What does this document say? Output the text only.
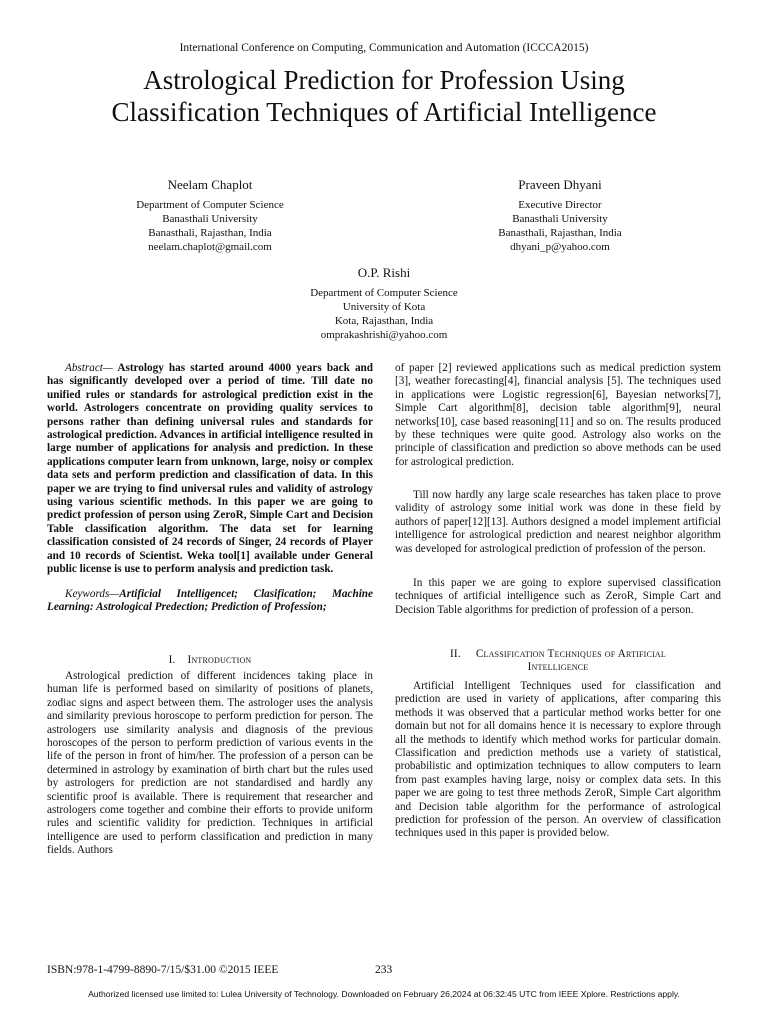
International Conference on Computing, Communication and Automation (ICCCA2015)
Astrological Prediction for Profession Using
Classification Techniques of Artificial Intelligence
Neelam Chaplot
Department of Computer Science
Banasthali University
Banasthali, Rajasthan, India
neelam.chaplot@gmail.com
Praveen Dhyani
Executive Director
Banasthali University
Banasthali, Rajasthan, India
dhyani_p@yahoo.com
O.P. Rishi
Department of Computer Science
University of Kota
Kota, Rajasthan, India
omprakashrishi@yahoo.com

Abstract— Astrology has started around 4000 years back and has significantly developed over a period of time. Till date no unified rules or standards for astrological prediction exist in the world. Astrologers concentrate on providing quality services to persons rather than defining universal rules and standards for astrological prediction. Advances in artificial intelligence resulted in large number of applications for analysis and prediction. In these applications computer learn from unknown, large, noisy or complex data sets and perform prediction and classification of data. In this paper we are trying to find universal rules and validity of astrology using various scientific methods. In this paper we are going to predict profession of person using ZeroR, Simple Cart and Decision Table classification algorithm. The data set for learning classification consisted of 24 records of Singer, 24 records of Player and 10 records of Scientist. Weka tool[1] available under General public license is use to perform analysis and prediction task.

Keywords—Artificial Intelligencet; Clasification; Machine Learning: Astrological Predection; Prediction of Profession;
I.    Introduction

Astrological prediction of different incidences taking place in human life is performed based on similarity of positions of planets, zodiac signs and aspect between them. The astrologer uses the analysis and similarity previous horoscope to perform prediction for person. The astrologers use similarity analysis and diagnosis of the previous horoscopes of the person to perform prediction of various events in the life of the person in front of him/her. The profession of a person can be determined in astrology by examination of birth chart but the rules used by astrologers for prediction are not standardised and hardly any scientific proof is available. There is requirement that researcher and astrologers come together and combine their efforts to provide uniform rules and scientific validity for prediction. Techniques in artificial intelligence are used to perform classification and prediction in many fields. Authors

of paper [2] reviewed applications such as medical prediction system [3], weather forecasting[4], financial analysis [5]. The techniques used in applications were Logistic regression[6], Bayesian networks[7], Simple Cart algorithm[8], decision table algorithm[9], neural networks[10], case based reasoning[11] and so on. The results produced by these techniques were quite good. Astrology also works on the principle of classification and prediction so above methods can be used for astrological prediction.

Till now hardly any large scale researches has taken place to prove validity of astrology some initial work was done in these field by authors of paper[12][13]. Authors designed a model implement artificial intelligence for astrological prediction and nearest neighbor algorithm was developed for astrological prediction of profession of the person.

In this paper we are going to explore supervised classification techniques of artificial intelligence such as ZeroR, Simple Cart and Decision Table algorithms for prediction of profession of a person.

II.     Classification Techniques of Artificial
Intelligence

Artificial Intelligent Techniques used for classification and prediction are used in variety of applications, after comparing this methods it was observed that a particular method works better for one domain but not for all domains hence it is necessary to explore through all the methods to identify which method works for particular domain. Classification and prediction methods use a variety of statistical, probabilistic and optimization techniques to allow computers to learn from past examples having large, noisy or complex data sets. In this paper we are going to test three methods ZeroR, Simple Cart algorithm and Decision table algorithm for the performance of astrological prediction for profession of the person. An overview of classification techniques used in this paper is provided below.

ISBN:978-1-4799-8890-7/15/$31.00 ©2015 IEEE	233
Authorized licensed use limited to: Lulea University of Technology. Downloaded on February 26,2024 at 06:32:45 UTC from IEEE Xplore. Restrictions apply.
